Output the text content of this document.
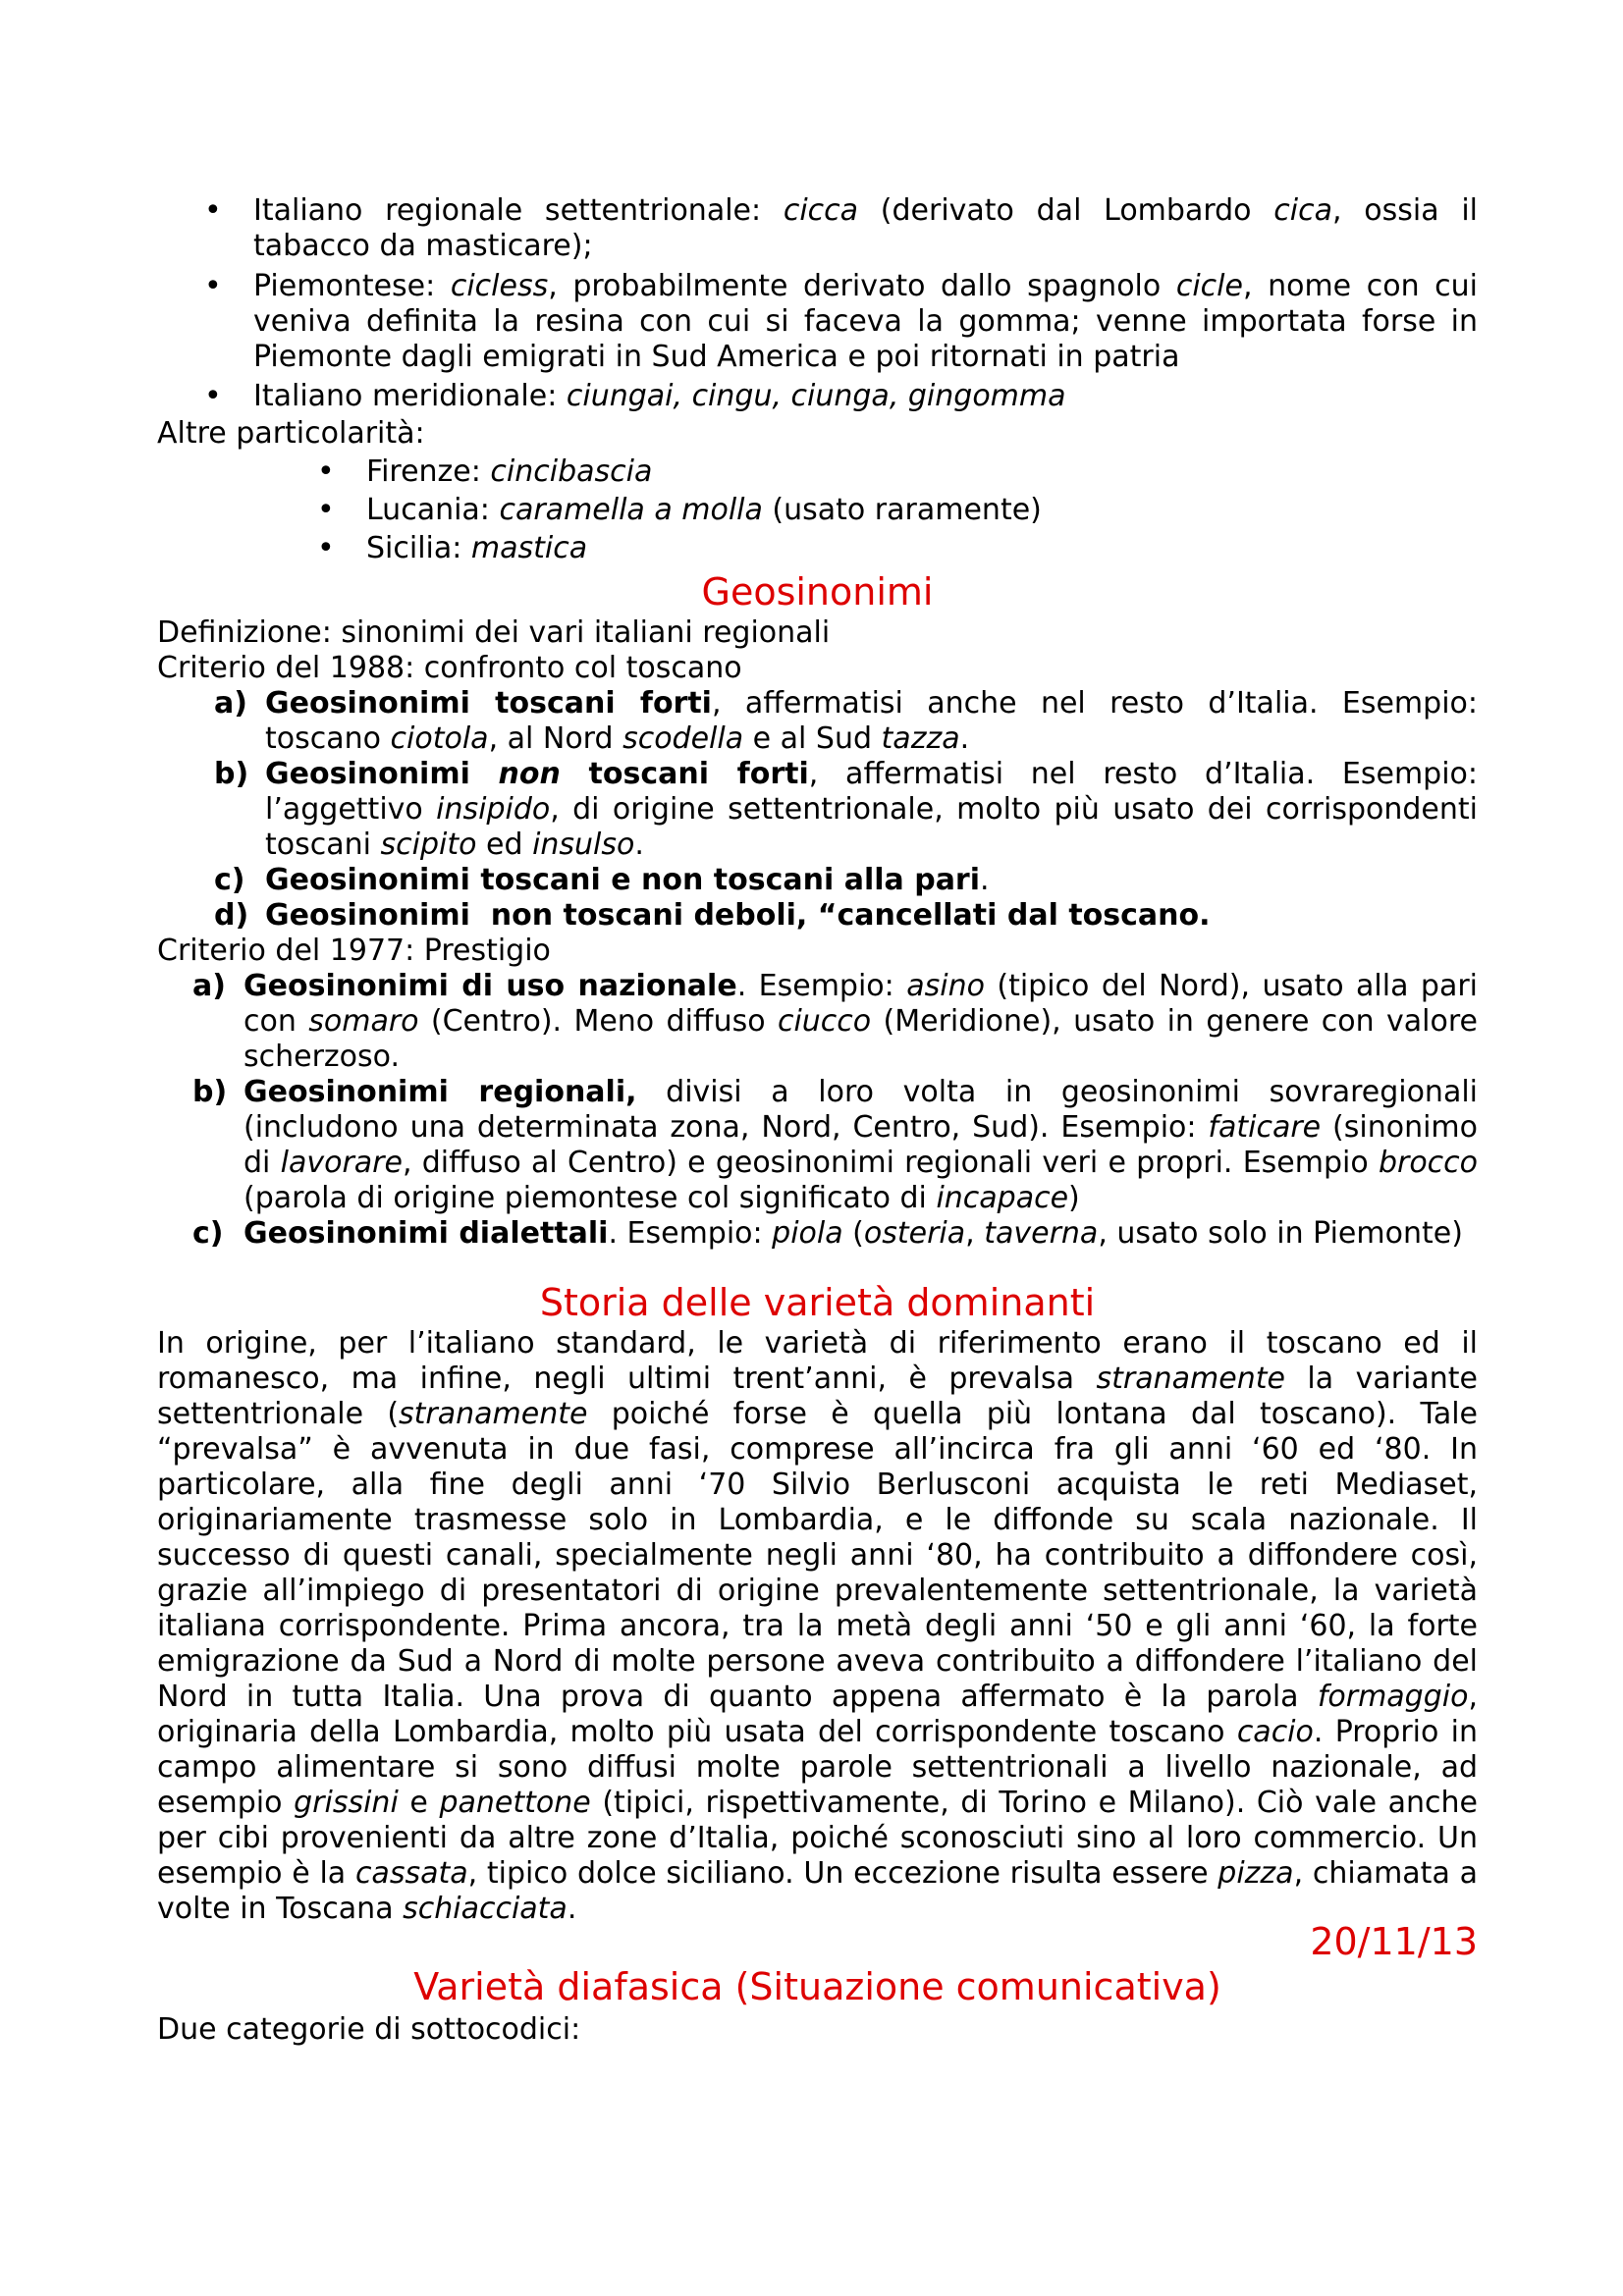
• Italiano regionale settentrionale: cicca (derivato dal Lombardo cica, ossia il tabacco da masticare);
• Piemontese: cicless, probabilmente derivato dallo spagnolo cicle, nome con cui veniva definita la resina con cui si faceva la gomma; venne importata forse in Piemonte dagli emigrati in Sud America e poi ritornati in patria
• Italiano meridionale: ciungai, cingu, ciunga, gingomma
Altre particolarità:
• Firenze: cincibascia
• Lucania: caramella a molla (usato raramente)
• Sicilia: mastica
Geosinonimi
Definizione: sinonimi dei vari italiani regionali
Criterio del 1988: confronto col toscano
a) Geosinonimi toscani forti, affermatisi anche nel resto d’Italia. Esempio: toscano ciotola, al Nord scodella e al Sud tazza.
b) Geosinonimi non toscani forti, affermatisi nel resto d’Italia. Esempio: l’aggettivo insipido, di origine settentrionale, molto più usato dei corrispondenti toscani scipito ed insulso.
c) Geosinonimi toscani e non toscani alla pari.
d) Geosinonimi  non toscani deboli, “cancellati dal toscano.
Criterio del 1977: Prestigio
a) Geosinonimi di uso nazionale. Esempio: asino (tipico del Nord), usato alla pari con somaro (Centro). Meno diffuso ciucco (Meridione), usato in genere con valore scherzoso.
b) Geosinonimi regionali, divisi a loro volta in geosinonimi sovraregionali (includono una determinata zona, Nord, Centro, Sud). Esempio: faticare (sinonimo di lavorare, diffuso al Centro) e geosinonimi regionali veri e propri. Esempio brocco (parola di origine piemontese col significato di incapace)
c) Geosinonimi dialettali. Esempio: piola (osteria, taverna, usato solo in Piemonte)
Storia delle varietà dominanti
In origine, per l’italiano standard, le varietà di riferimento erano il toscano ed il romanesco, ma infine, negli ultimi trent’anni, è prevalsa stranamente la variante settentrionale (stranamente poiché forse è quella più lontana dal toscano). Tale “prevalsa” è avvenuta in due fasi, comprese all’incirca fra gli anni ‘60 ed ‘80. In particolare, alla fine degli anni ‘70 Silvio Berlusconi acquista le reti Mediaset, originariamente trasmesse solo in Lombardia, e le diffonde su scala nazionale. Il successo di questi canali, specialmente negli anni ‘80, ha contribuito a diffondere così, grazie all’impiego di presentatori di origine prevalentemente settentrionale, la varietà italiana corrispondente. Prima ancora, tra la metà degli anni ‘50 e gli anni ‘60, la forte emigrazione da Sud a Nord di molte persone aveva contribuito a diffondere l’italiano del Nord in tutta Italia. Una prova di quanto appena affermato è la parola formaggio, originaria della Lombardia, molto più usata del corrispondente toscano cacio. Proprio in campo alimentare si sono diffusi molte parole settentrionali a livello nazionale, ad esempio grissini e panettone (tipici, rispettivamente, di Torino e Milano). Ciò vale anche per cibi provenienti da altre zone d’Italia, poiché sconosciuti sino al loro commercio. Un esempio è la cassata, tipico dolce siciliano. Un eccezione risulta essere pizza, chiamata a volte in Toscana schiacciata.
20/11/13
Varietà diafasica (Situazione comunicativa)
Due categorie di sottocodici:
